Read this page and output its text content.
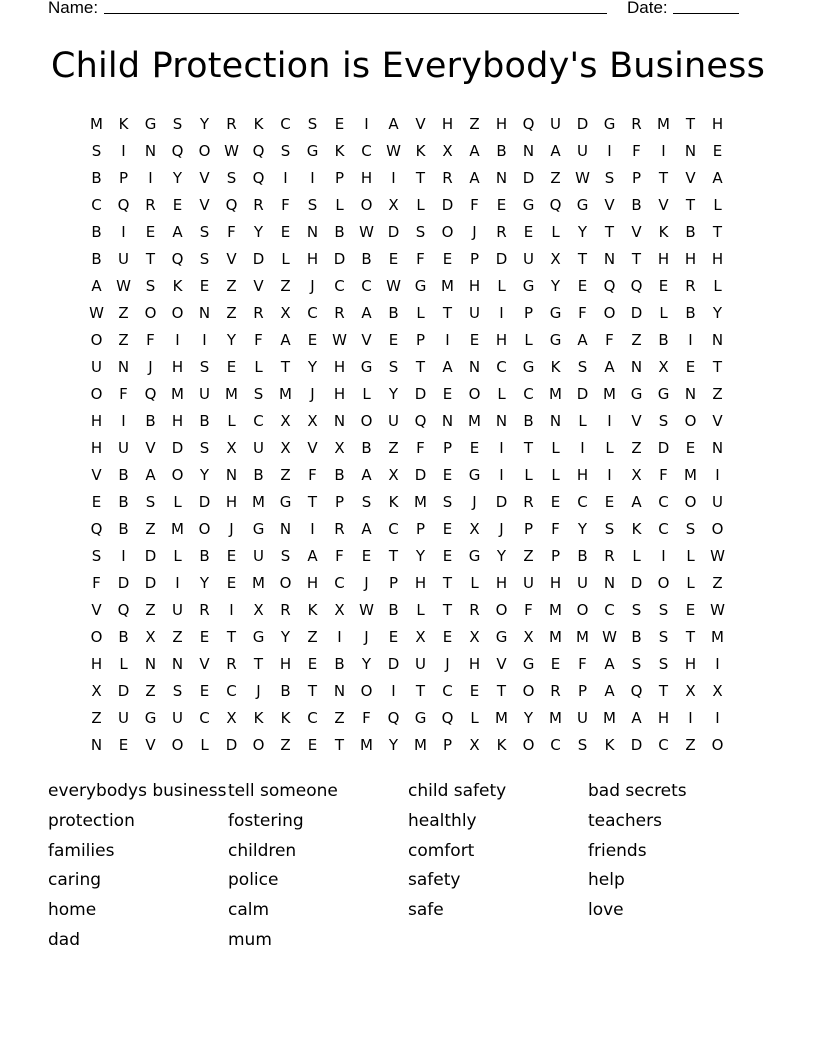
Name:	Date:
Child Protection is Everybody's Business
M	K	G	S	Y	R	K	C	S	E	I	A	V	H	Z	H	Q	U	D	G	R	M	T	H
S	I	N	Q	O W Q	S	G	K	C W K	X	A	B	N	A	U	I	F	I	N	E
B	P	I	Y	V	S	Q	I	I	P	H	I	T	R	A	N	D	Z W S	P	T	V	A
C	Q	R	E	V	Q	R	F	S	L	O	X	L	D	F	E	G	Q	G	V	B	V	T	L
B	I	E	A	S	F	Y	E	N	B W D	S	O	J	R	E	L	Y	T	V	K	B	T
B	U	T	Q	S	V	D	L	H	D	B	E	F	E	P	D	U	X	T	N	T	H	H	H
A W S	K	E	Z	V	Z	J	C	C W G M H	L	G	Y	E	Q	Q	E	R	L
W Z	O	O	N	Z	R	X	C	R	A	B	L	T	U	I	P	G	F	O	D	L	B	Y
O	Z	F	I	I	Y	F	A	E W V	E	P	I	E	H	L	G	A	F	Z	B	I	N
U	N	J	H	S	E	L	T	Y	H	G	S	T	A	N	C	G	K	S	A	N	X	E	T
O	F	Q M	U	M	S	M	J	H	L	Y	D	E	O	L	C	M D M G	G	N	Z
H	I	B	H	B	L	C	X	X	N	O	U	Q	N M N	B	N	L	I	V	S	O	V
H	U	V	D	S	X	U	X	V	X	B	Z	F	P	E	I	T	L	I	L	Z	D	E	N
V	B	A	O	Y	N	B	Z	F	B	A	X	D	E	G	I	L	L	H	I	X	F	M	I
E	B	S	L	D	H M G	T	P	S	K	M	S	J	D	R	E	C	E	A	C	O	U
Q	B	Z	M O	J	G	N	I	R	A	C	P	E	X	J	P	F	Y	S	K	C	S	O
S	I	D	L	B	E	U	S	A	F	E	T	Y	E	G	Y	Z	P	B	R	L	I	L	W
F	D	D	I	Y	E	M O	H	C	J	P	H	T	L	H	U	H	U	N	D	O	L	Z
V	Q	Z	U	R	I	X	R	K	X W B	L	T	R	O	F	M O	C	S	S	E W
O	B	X	Z	E	T	G	Y	Z	I	J	E	X	E	X	G	X	M M W B	S	T	M
H	L	N	N	V	R	T	H	E	B	Y	D	U	J	H	V	G	E	F	A	S	S	H	I
X	D	Z	S	E	C	J	B	T	N	O	I	T	C	E	T	O	R	P	A	Q	T	X	X
Z	U	G	U	C	X	K	K	C	Z	F	Q	G	Q	L	M	Y	M	U	M	A	H	I	I
N	E	V	O	L	D	O	Z	E	T	M	Y	M	P	X	K	O	C	S	K	D	C	Z	O
everybodys business
protection
families
caring
home
dad
tell someone
fostering
children
police
calm
mum
child safety
healthly
comfort
safety
safe
bad secrets
teachers
friends
help
love
